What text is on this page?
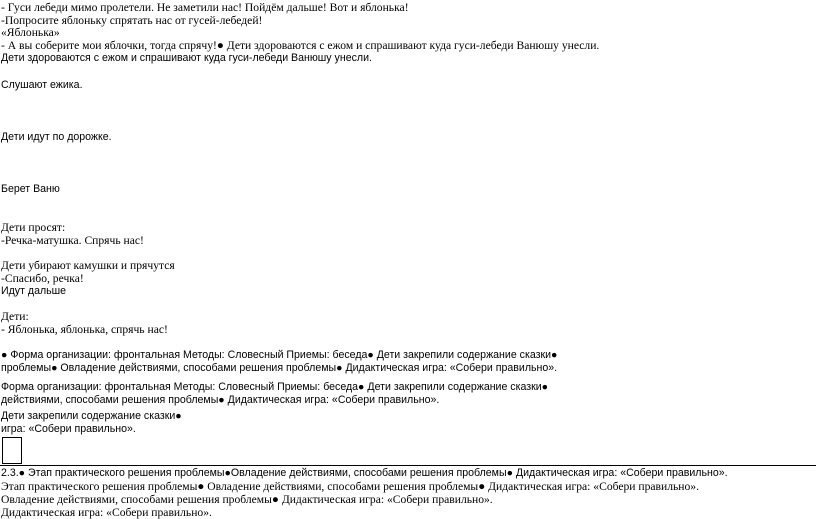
- Гуси лебеди мимо пролетели. Не заметили нас! Пойдём дальше! Вот и яблонька!
-Попросите яблоньку спрятать нас от гусей-лебедей!
«Яблонька»
- А вы соберите мои яблочки, тогда спрячу!● Дети здороваются с ежом и спрашивают куда гуси-лебеди Ванюшу унесли.
Дети здороваются с ежом и спрашивают куда гуси-лебеди Ванюшу унесли.
Слушают ежика.
Дети идут по дорожке.
Берет Ваню
Дети просят:
-Речка-матушка. Спрячь нас!
Дети убирают камушки и прячутся
-Спасибо, речка!
Идут дальше
Дети:
- Яблонька, яблонька, спрячь нас!
● Форма организации: фронтальная Методы: Словесный Приемы: беседа● Дети закрепили содержание сказки●
проблемы● Овладение действиями, способами решения проблемы● Дидактическая игра: «Собери правильно».
Форма организации: фронтальная Методы: Словесный Приемы: беседа● Дети закрепили содержание сказки●
действиями, способами решения проблемы● Дидактическая игра: «Собери правильно».
Дети закрепили содержание сказки●
игра: «Собери правильно».
2.3.● Этап практического решения проблемы●Овладение действиями, способами решения проблемы● Дидактическая игра: «Собери правильно».
Этап практического решения проблемы● Овладение действиями, способами решения проблемы● Дидактическая игра: «Собери правильно».
Овладение действиями, способами решения проблемы● Дидактическая игра: «Собери правильно».
Дидактическая игра: «Собери правильно».
